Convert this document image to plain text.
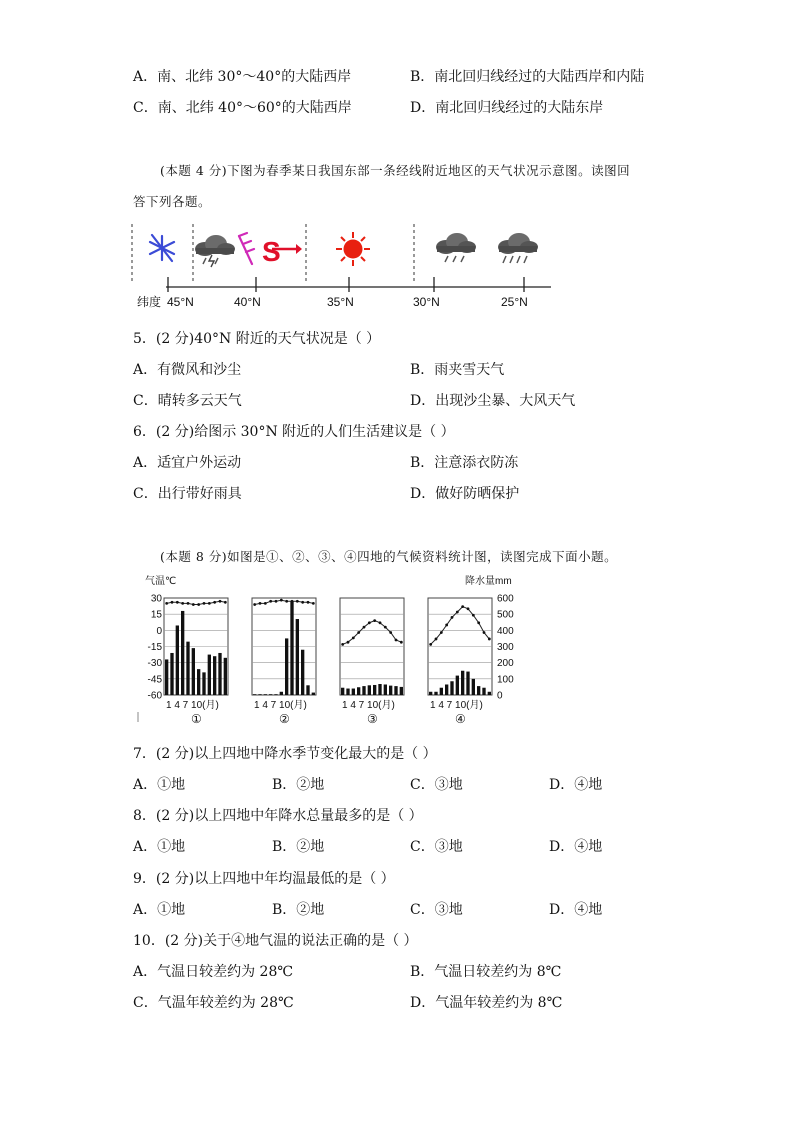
A．南、北纬 30°～40°的大陆西岸	B．南北回归线经过的大陆西岸和内陆
C．南、北纬 40°～60°的大陆西岸	D．南北回归线经过的大陆东岸
(本题 4 分)下图为春季某日我国东部一条经线附近地区的天气状况示意图。读图回
答下列各题。
纬度 45°N	40°N	35°N	30°N	25°N
S
5．(2 分)40°N 附近的天气状况是（ ）
A．有微风和沙尘	B．雨夹雪天气
C．晴转多云天气	D．出现沙尘暴、大风天气
6．(2 分)给图示 30°N 附近的人们生活建议是（ ）
A．适宜户外运动	B．注意添衣防冻
C．出行带好雨具	D．做好防晒保护
(本题 8 分)如图是①、②、③、④四地的气候资料统计图，读图完成下面小题。
气温℃	降水量mm
30
15
0
-15
-30
-45
-60
600
500
400
300
200
100
0
1 4 7 10(月)
①
1 4 7 10(月)
②
1 4 7 10(月)
③
1 4 7 10(月)
④
7．(2 分)以上四地中降水季节变化最大的是（ ）
A．①地	B．②地	C．③地	D．④地
8．(2 分)以上四地中年降水总量最多的是（ ）
A．①地	B．②地	C．③地	D．④地
9．(2 分)以上四地中年均温最低的是（ ）
A．①地	B．②地	C．③地	D．④地
10．(2 分)关于④地气温的说法正确的是（ ）
A．气温日较差约为 28℃	B．气温日较差约为 8℃
C．气温年较差约为 28℃	D．气温年较差约为 8℃
